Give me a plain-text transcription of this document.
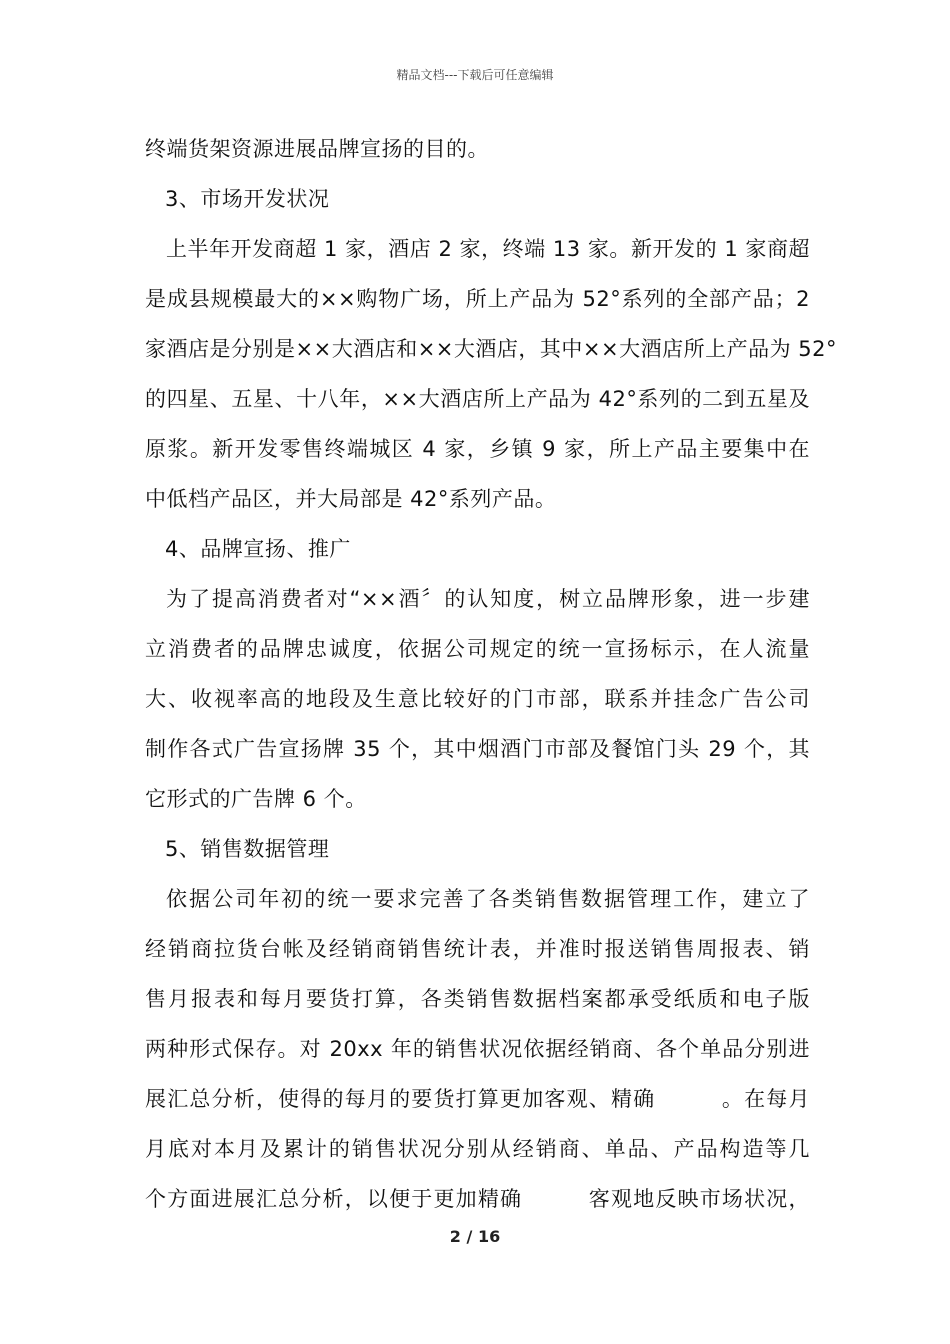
精品文档---下载后可任意编辑
终端货架资源进展品牌宣扬的目的。
3、市场开发状况
上半年开发商超 1 家，酒店 2 家，终端 13 家。新开发的 1 家商超
是成县规模最大的××购物广场，所上产品为 52°系列的全部产品；2
家酒店是分别是××大酒店和××大酒店，其中××大酒店所上产品为 52°
的四星、五星、十八年，××大酒店所上产品为 42°系列的二到五星及
原浆。新开发零售终端城区 4 家，乡镇 9 家，所上产品主要集中在
中低档产品区，并大局部是 42°系列产品。
4、品牌宣扬、推广
为了提高消费者对“××酒〞的认知度，树立品牌形象，进一步建
立消费者的品牌忠诚度，依据公司规定的统一宣扬标示，在人流量
大、收视率高的地段及生意比较好的门市部，联系并挂念广告公司
制作各式广告宣扬牌 35 个，其中烟酒门市部及餐馆门头 29 个，其
它形式的广告牌 6 个。
5、销售数据管理
依据公司年初的统一要求完善了各类销售数据管理工作，建立了
经销商拉货台帐及经销商销售统计表，并准时报送销售周报表、销
售月报表和每月要货打算，各类销售数据档案都承受纸质和电子版
两种形式保存。对 20xx 年的销售状况依据经销商、各个单品分别进
展汇总分析，使得的每月的要货打算更加客观、精确　　　。在每月
月底对本月及累计的销售状况分别从经销商、单品、产品构造等几
个方面进展汇总分析，以便于更加精确　　　客观地反映市场状况，
2 / 16
